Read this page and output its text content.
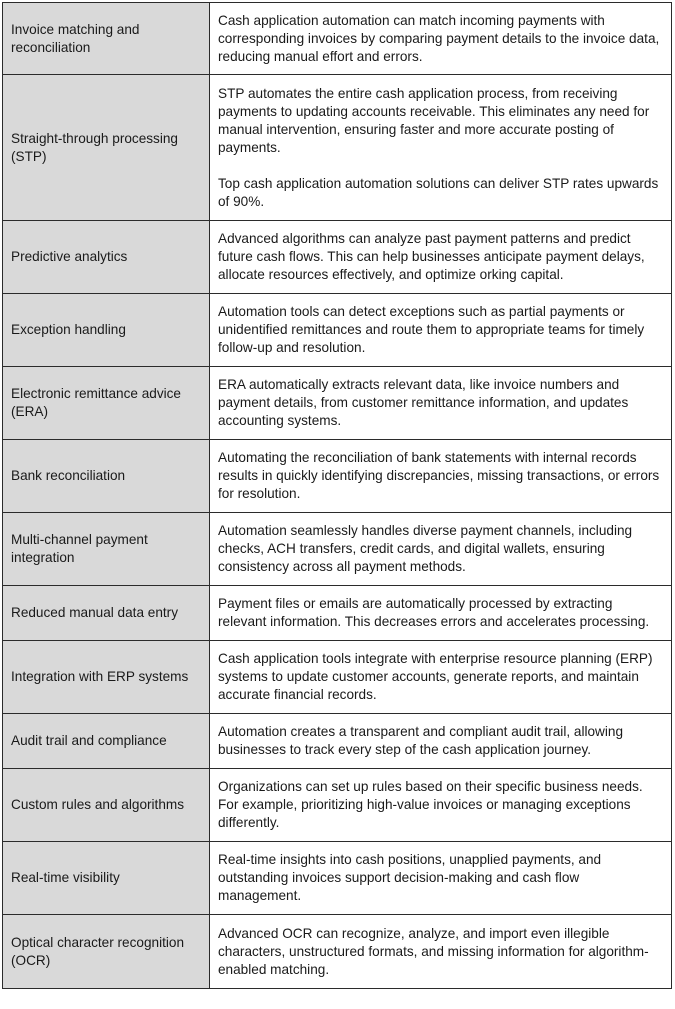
Invoice matching and reconciliation	Cash application automation can match incoming payments with corresponding invoices by comparing payment details to the invoice data, reducing manual effort and errors.

Straight-through processing (STP)	STP automates the entire cash application process, from receiving payments to updating accounts receivable. This eliminates any need for manual intervention, ensuring faster and more accurate posting of payments.

Top cash application automation solutions can deliver STP rates upwards of 90%.

Predictive analytics	Advanced algorithms can analyze past payment patterns and predict future cash flows. This can help businesses anticipate payment delays, allocate resources effectively, and optimize orking capital.

Exception handling	Automation tools can detect exceptions such as partial payments or unidentified remittances and route them to appropriate teams for timely follow-up and resolution.

Electronic remittance advice (ERA)	ERA automatically extracts relevant data, like invoice numbers and payment details, from customer remittance information, and updates accounting systems.

Bank reconciliation	Automating the reconciliation of bank statements with internal records results in quickly identifying discrepancies, missing transactions, or errors for resolution.

Multi-channel payment integration	Automation seamlessly handles diverse payment channels, including checks, ACH transfers, credit cards, and digital wallets, ensuring consistency across all payment methods.

Reduced manual data entry	Payment files or emails are automatically processed by extracting relevant information. This decreases errors and accelerates processing.

Integration with ERP systems	Cash application tools integrate with enterprise resource planning (ERP) systems to update customer accounts, generate reports, and maintain accurate financial records.

Audit trail and compliance	Automation creates a transparent and compliant audit trail, allowing businesses to track every step of the cash application journey.

Custom rules and algorithms	Organizations can set up rules based on their specific business needs. For example, prioritizing high-value invoices or managing exceptions differently.

Real-time visibility	Real-time insights into cash positions, unapplied payments, and outstanding invoices support decision-making and cash flow management.

Optical character recognition (OCR)	Advanced OCR can recognize, analyze, and import even illegible characters, unstructured formats, and missing information for algorithm-enabled matching.
